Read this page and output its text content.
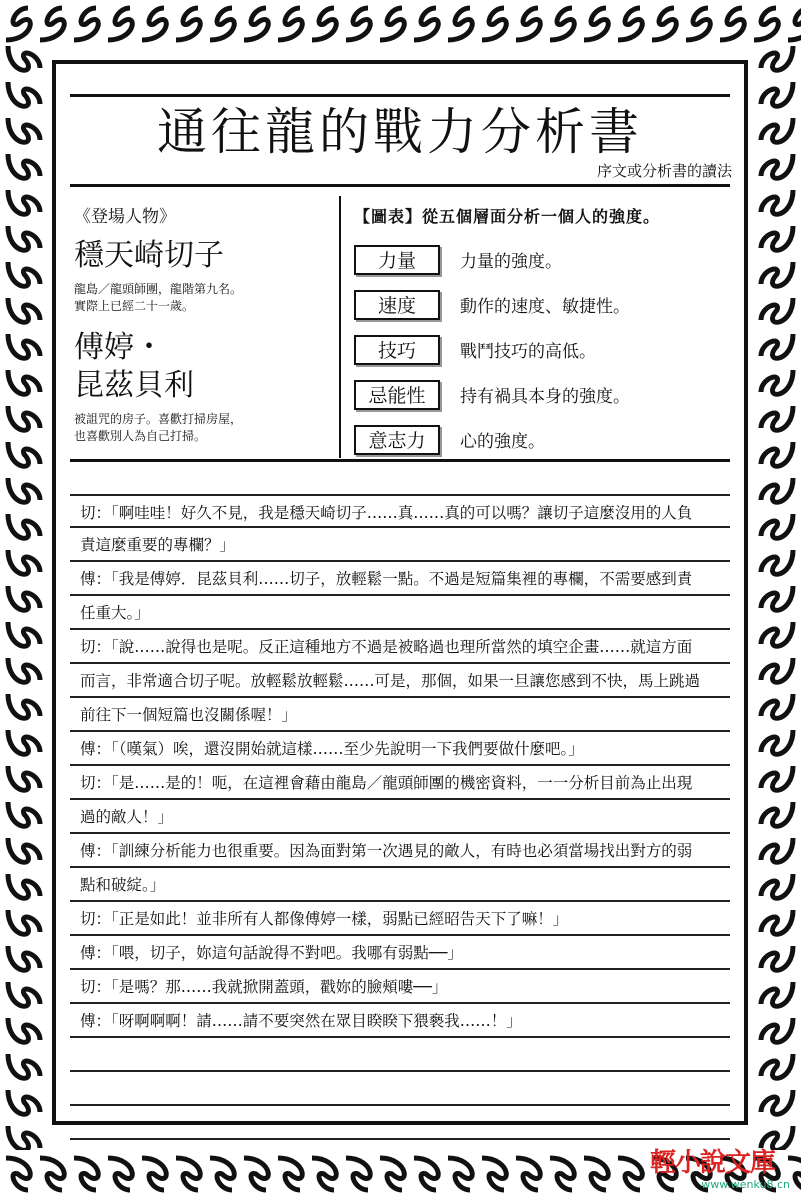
通往龍的戰力分析書
序文或分析書的讀法

《登場人物》

穩天崎切子

龍島／龍頭師團，龍階第九名。
實際上已經二十一歲。

傅婷・
昆茲貝利

被詛咒的房子。喜歡打掃房屋，
也喜歡別人為自己打掃。

【圖表】從五個層面分析一個人的強度。

力量	力量的強度。
速度	動作的速度、敏捷性。
技巧	戰鬥技巧的高低。
忌能性	持有禍具本身的強度。
意志力	心的強度。
切：「啊哇哇！好久不見，我是穩天崎切子……真……真的可以嗎？讓切子這麼沒用的人負
責這麼重要的專欄？」
傅：「我是傅婷．昆茲貝利……切子，放輕鬆一點。不過是短篇集裡的專欄，不需要感到責
任重大。」
切：「說……說得也是呢。反正這種地方不過是被略過也理所當然的填空企畫……就這方面
而言，非常適合切子呢。放輕鬆放輕鬆……可是，那個，如果一旦讓您感到不快，馬上跳過
前往下一個短篇也沒關係喔！」
傅：「（嘆氣）唉，還沒開始就這樣……至少先說明一下我們要做什麼吧。」
切：「是……是的！呃，在這裡會藉由龍島／龍頭師團的機密資料，一一分析目前為止出現
過的敵人！」
傅：「訓練分析能力也很重要。因為面對第一次遇見的敵人，有時也必須當場找出對方的弱
點和破綻。」
切：「正是如此！並非所有人都像傅婷一樣，弱點已經昭告天下了嘛！」
傅：「喂，切子，妳這句話說得不對吧。我哪有弱點──」
切：「是嗎？那……我就掀開蓋頭，戳妳的臉頰嘍──」
傅：「呀啊啊啊！請……請不要突然在眾目睽睽下猥褻我……！」
輕小說文庫
www.wenku8.cn
